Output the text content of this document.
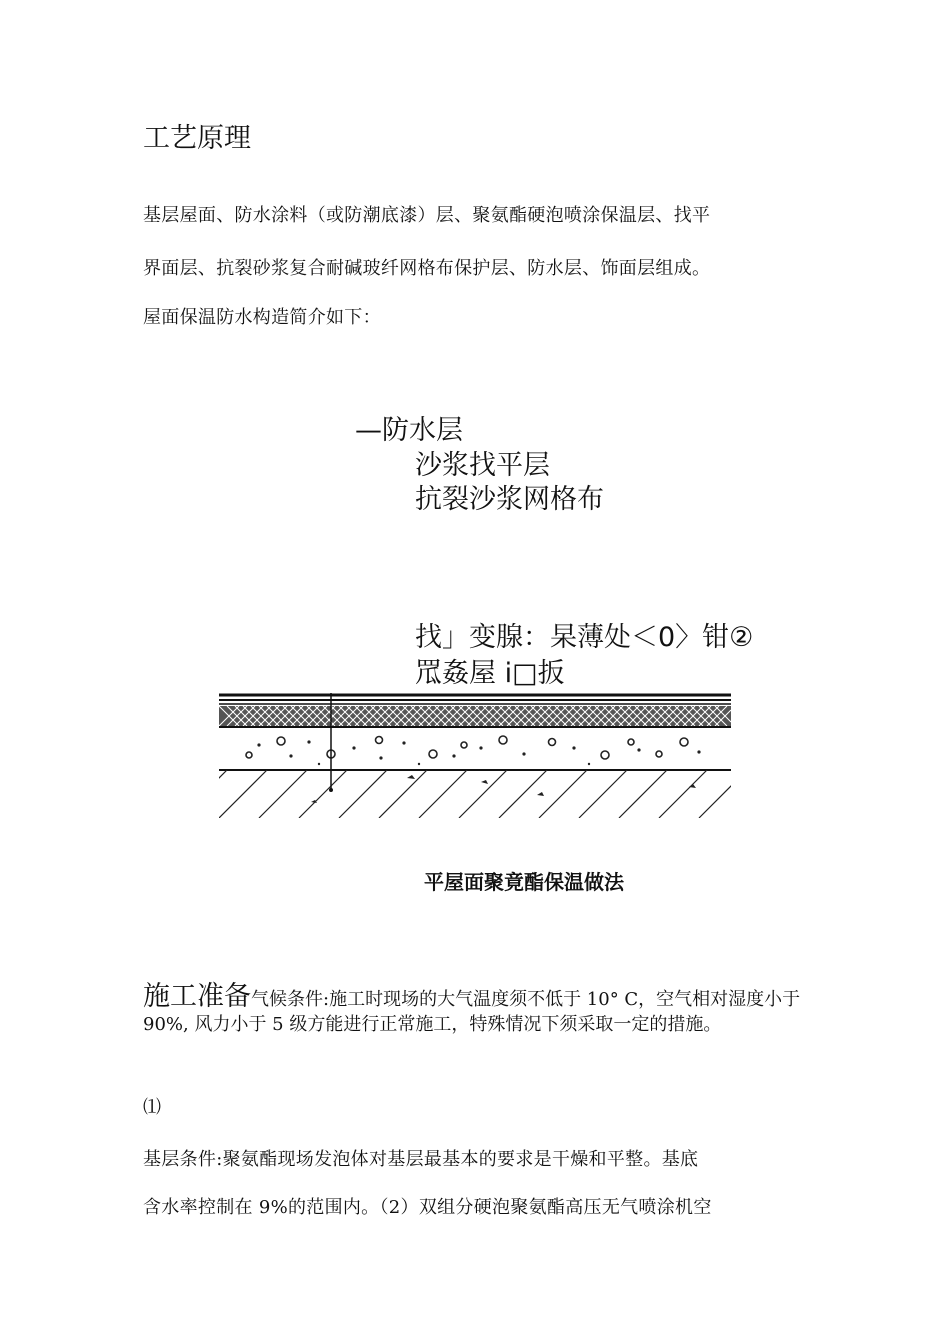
工艺原理
基层屋面、防水涂料（或防潮底漆）层、聚氨酯硬泡喷涂保温层、找平
界面层、抗裂砂浆复合耐碱玻纤网格布保护层、防水层、饰面层组成。
屋面保温防水构造简介如下：
—防水层
沙浆找平层
抗裂沙浆网格布
找」变腺：杲薄处＜0〉钳②
罛姦屋 i□扳
平屋面聚竟酯保温做法
施工准备气候条件:施工时现场的大气温度须不低于 10° C，空气相对湿度小于 90%, 风力小于 5 级方能进行正常施工，特殊情况下须采取一定的措施。
⑴
基层条件:聚氨酯现场发泡体对基层最基本的要求是干燥和平整。基底
含水率控制在 9%的范围内。（2）双组分硬泡聚氨酯高压无气喷涂机空
